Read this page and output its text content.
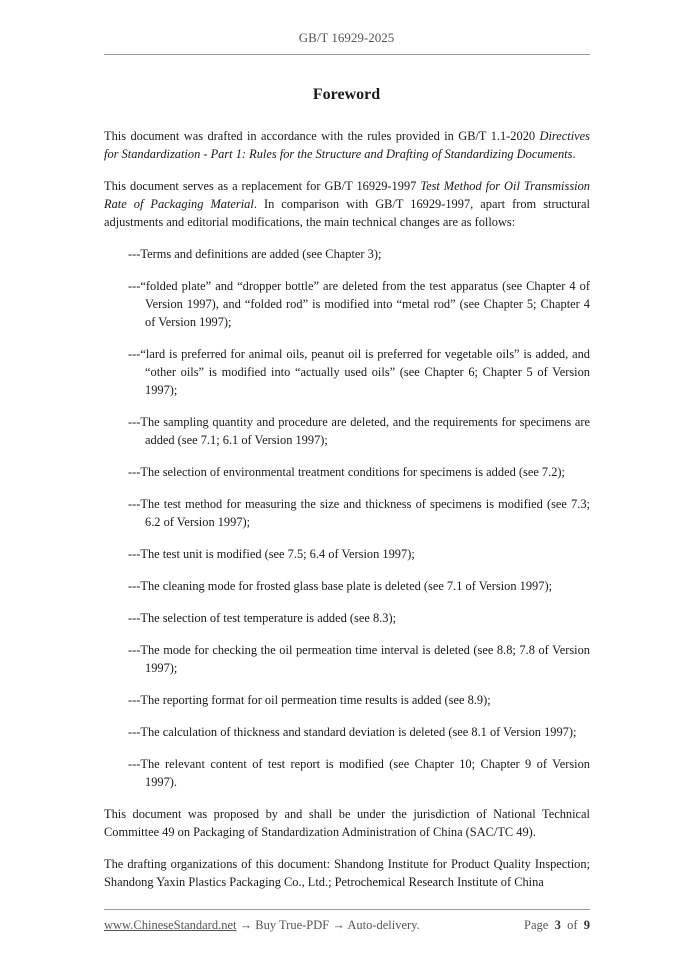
GB/T 16929-2025
Foreword

This document was drafted in accordance with the rules provided in GB/T 1.1-2020 Directives for Standardization - Part 1: Rules for the Structure and Drafting of Standardizing Documents.

This document serves as a replacement for GB/T 16929-1997 Test Method for Oil Transmission Rate of Packaging Material. In comparison with GB/T 16929-1997, apart from structural adjustments and editorial modifications, the main technical changes are as follows:

---Terms and definitions are added (see Chapter 3);

---“folded plate” and “dropper bottle” are deleted from the test apparatus (see Chapter 4 of Version 1997), and “folded rod” is modified into “metal rod” (see Chapter 5; Chapter 4 of Version 1997);

---“lard is preferred for animal oils, peanut oil is preferred for vegetable oils” is added, and “other oils” is modified into “actually used oils” (see Chapter 6; Chapter 5 of Version 1997);

---The sampling quantity and procedure are deleted, and the requirements for specimens are added (see 7.1; 6.1 of Version 1997);

---The selection of environmental treatment conditions for specimens is added (see 7.2);

---The test method for measuring the size and thickness of specimens is modified (see 7.3; 6.2 of Version 1997);

---The test unit is modified (see 7.5; 6.4 of Version 1997);

---The cleaning mode for frosted glass base plate is deleted (see 7.1 of Version 1997);

---The selection of test temperature is added (see 8.3);

---The mode for checking the oil permeation time interval is deleted (see 8.8; 7.8 of Version 1997);

---The reporting format for oil permeation time results is added (see 8.9);

---The calculation of thickness and standard deviation is deleted (see 8.1 of Version 1997);

---The relevant content of test report is modified (see Chapter 10; Chapter 9 of Version 1997).

This document was proposed by and shall be under the jurisdiction of National Technical Committee 49 on Packaging of Standardization Administration of China (SAC/TC 49).

The drafting organizations of this document: Shandong Institute for Product Quality Inspection; Shandong Yaxin Plastics Packaging Co., Ltd.; Petrochemical Research Institute of China

www.ChineseStandard.net → Buy True-PDF → Auto-delivery.	Page 3 of 9
